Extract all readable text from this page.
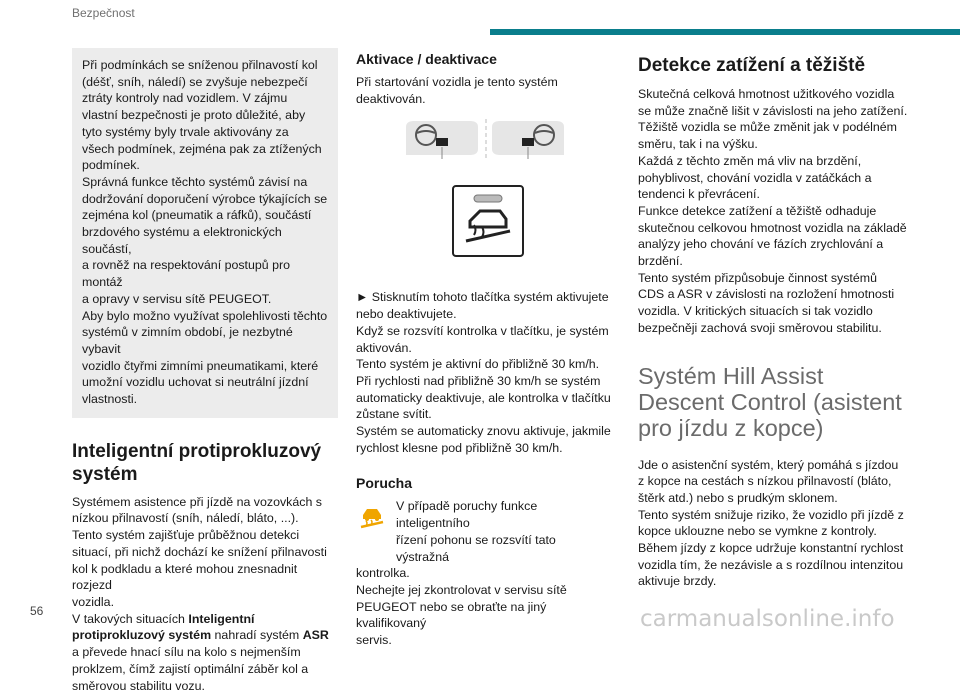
Bezpečnost

Při podmínkách se sníženou přilnavostí kol

(déšť, sníh, náledí) se zvyšuje nebezpečí

ztráty kontroly nad vozidlem. V zájmu

vlastní bezpečnosti je proto důležité, aby

tyto systémy byly trvale aktivovány za

všech podmínek, zejména pak za ztížených

podmínek.

Správná funkce těchto systémů závisí na

dodržování doporučení výrobce týkajících se

zejména kol (pneumatik a ráfků), součástí

brzdového systému a elektronických součástí,

a rovněž na respektování postupů pro montáž

a opravy v servisu sítě PEUGEOT.

Aby bylo možno využívat spolehlivosti těchto

systémů v zimním období, je nezbytné vybavit

vozidlo čtyřmi zimními pneumatikami, které

umožní vozidlu uchovat si neutrální jízdní

vlastnosti.

Inteligentní protiprokluzový
systém

Systémem asistence při jízdě na vozovkách s

nízkou přilnavostí (sníh, náledí, bláto, ...).

Tento systém zajišťuje průběžnou detekci

situací, při nichž dochází ke snížení přilnavosti

kol k podkladu a které mohou znesnadnit rozjezd

vozidla.

V takových situacích Inteligentní

protiprokluzový systém nahradí systém ASR

a převede hnací sílu na kolo s nejmenším

proklzem, čímž zajistí optimální záběr kol a

směrovou stabilitu vozu.

Aktivace / deaktivace

Při startování vozidla je tento systém

deaktivován.

► Stisknutím tohoto tlačítka systém aktivujete

nebo deaktivujete.

Když se rozsvítí kontrolka v tlačítku, je systém

aktivován.

Tento systém je aktivní do přibližně 30 km/h.

Při rychlosti nad přibližně 30 km/h se systém

automaticky deaktivuje, ale kontrolka v tlačítku

zůstane svítit.

Systém se automaticky znovu aktivuje, jakmile

rychlost klesne pod přibližně 30 km/h.

Porucha

V případě poruchy funkce inteligentního

řízení pohonu se rozsvítí tato výstražná

kontrolka.

Nechejte jej zkontrolovat v servisu sítě

PEUGEOT nebo se obraťte na jiný kvalifikovaný

servis.

Detekce zatížení a těžiště

Skutečná celková hmotnost užitkového vozidla

se může značně lišit v závislosti na jeho zatížení.

Těžiště vozidla se může změnit jak v podélném

směru, tak i na výšku.

Každá z těchto změn má vliv na brzdění,

pohyblivost, chování vozidla v zatáčkách a

tendenci k převrácení.

Funkce detekce zatížení a těžiště odhaduje

skutečnou celkovou hmotnost vozidla na základě

analýzy jeho chování ve fázích zrychlování a

brzdění.

Tento systém přizpůsobuje činnost systémů

CDS a ASR v závislosti na rozložení hmotnosti

vozidla. V kritických situacích si tak vozidlo

bezpečněji zachová svoji směrovou stabilitu.

Systém Hill Assist
Descent Control (asistent
pro jízdu z kopce)

Jde o asistenční systém, který pomáhá s jízdou

z kopce na cestách s nízkou přilnavostí (bláto,

štěrk atd.) nebo s prudkým sklonem.

Tento systém snižuje riziko, že vozidlo při jízdě z

kopce uklouzne nebo se vymkne z kontroly.

Během jízdy z kopce udržuje konstantní rychlost

vozidla tím, že nezávisle a s rozdílnou intenzitou

aktivuje brzdy.

56	carmanualsonline.info
